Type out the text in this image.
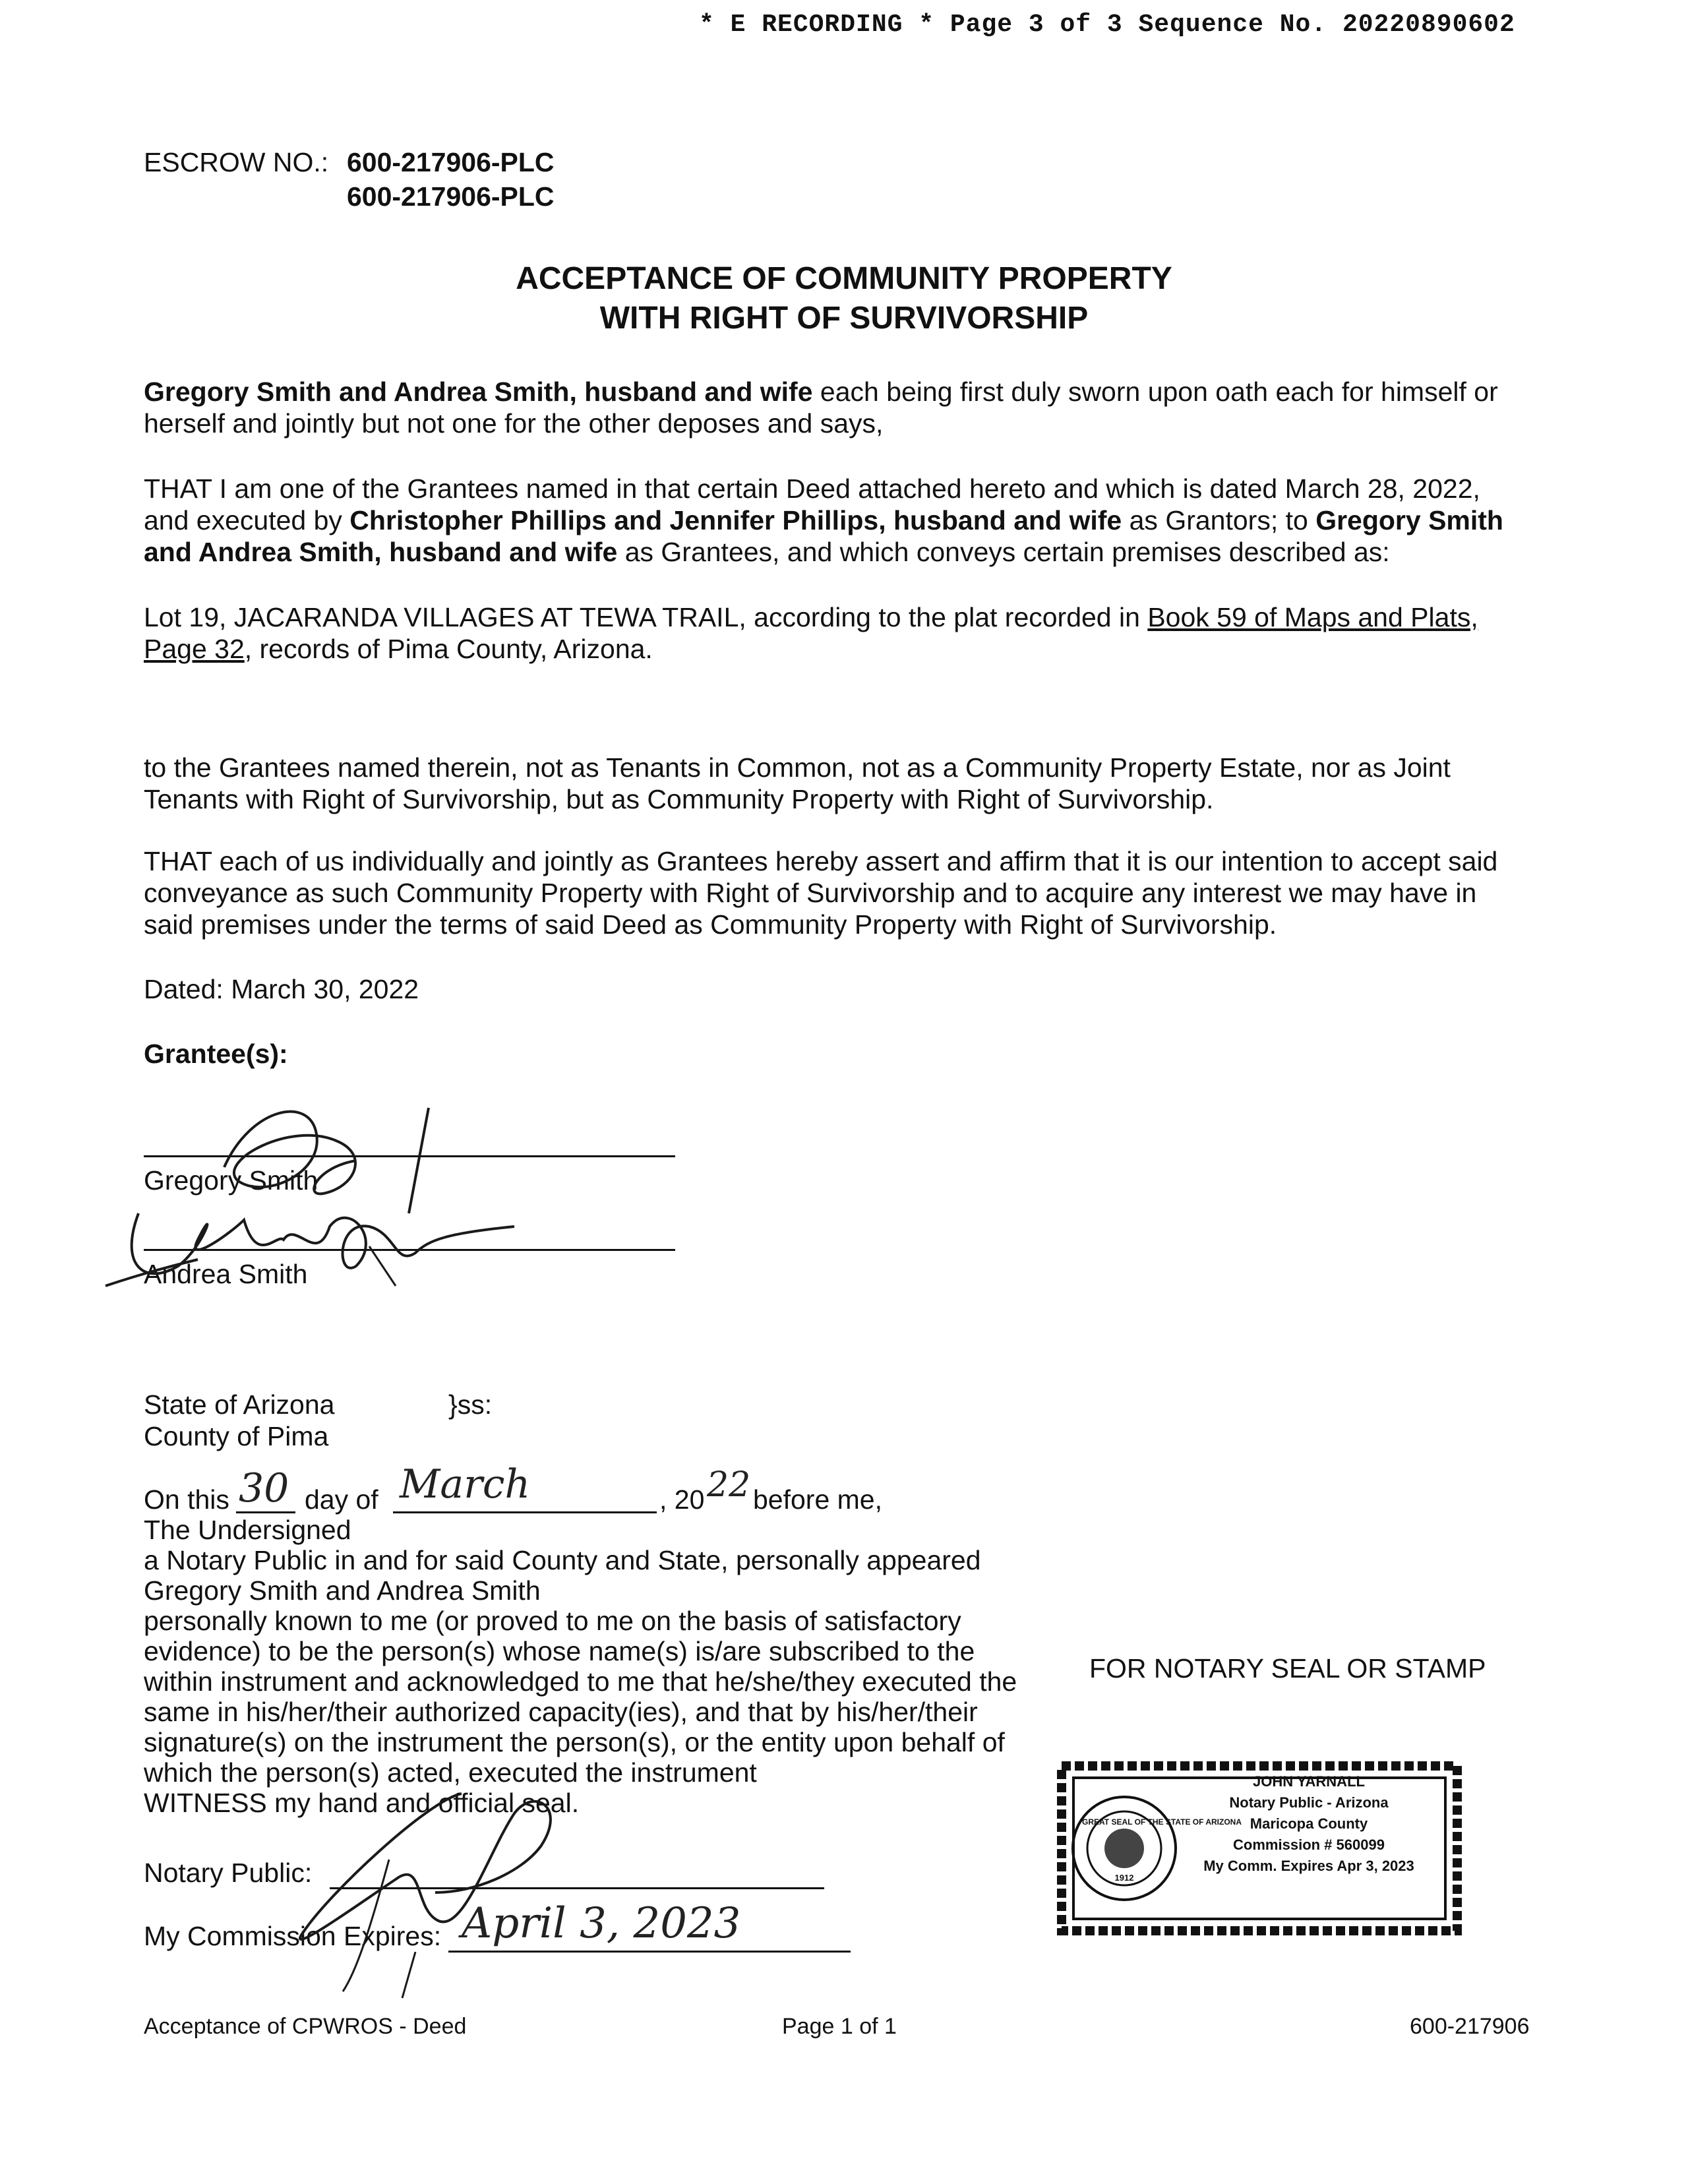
* E RECORDING * Page 3 of 3 Sequence No. 20220890602
ESCROW NO.: 600-217906-PLC
600-217906-PLC
ACCEPTANCE OF COMMUNITY PROPERTY
WITH RIGHT OF SURVIVORSHIP
Gregory Smith and Andrea Smith, husband and wife each being first duly sworn upon oath each for himself or herself and jointly but not one for the other deposes and says,
THAT I am one of the Grantees named in that certain Deed attached hereto and which is dated March 28, 2022, and executed by Christopher Phillips and Jennifer Phillips, husband and wife as Grantors; to Gregory Smith and Andrea Smith, husband and wife as Grantees, and which conveys certain premises described as:
Lot 19, JACARANDA VILLAGES AT TEWA TRAIL, according to the plat recorded in Book 59 of Maps and Plats, Page 32, records of Pima County, Arizona.
to the Grantees named therein, not as Tenants in Common, not as a Community Property Estate, nor as Joint Tenants with Right of Survivorship, but as Community Property with Right of Survivorship.
THAT each of us individually and jointly as Grantees hereby assert and affirm that it is our intention to accept said conveyance as such Community Property with Right of Survivorship and to acquire any interest we may have in said premises under the terms of said Deed as Community Property with Right of Survivorship.
Dated: March 30, 2022
Grantee(s):
Gregory Smith
Andrea Smith
State of Arizona	}ss:
County of Pima
On this 30 day of March	, 20 22 before me,
The Undersigned
a Notary Public in and for said County and State, personally appeared
Gregory Smith and Andrea Smith
personally known to me (or proved to me on the basis of satisfactory
evidence) to be the person(s) whose name(s) is/are subscribed to the
within instrument and acknowledged to me that he/she/they executed the
same in his/her/their authorized capacity(ies), and that by his/her/their
signature(s) on the instrument the person(s), or the entity upon behalf of
which the person(s) acted, executed the instrument
WITNESS my hand and official seal.
Notary Public:
My Commission Expires: April 3, 2023
FOR NOTARY SEAL OR STAMP
GREAT SEAL OF THE STATE OF ARIZONA
1912
JOHN YARNALL
Notary Public - Arizona
Maricopa County
Commission # 560099
My Comm. Expires Apr 3, 2023
Acceptance of CPWROS - Deed	Page 1 of 1	600-217906
